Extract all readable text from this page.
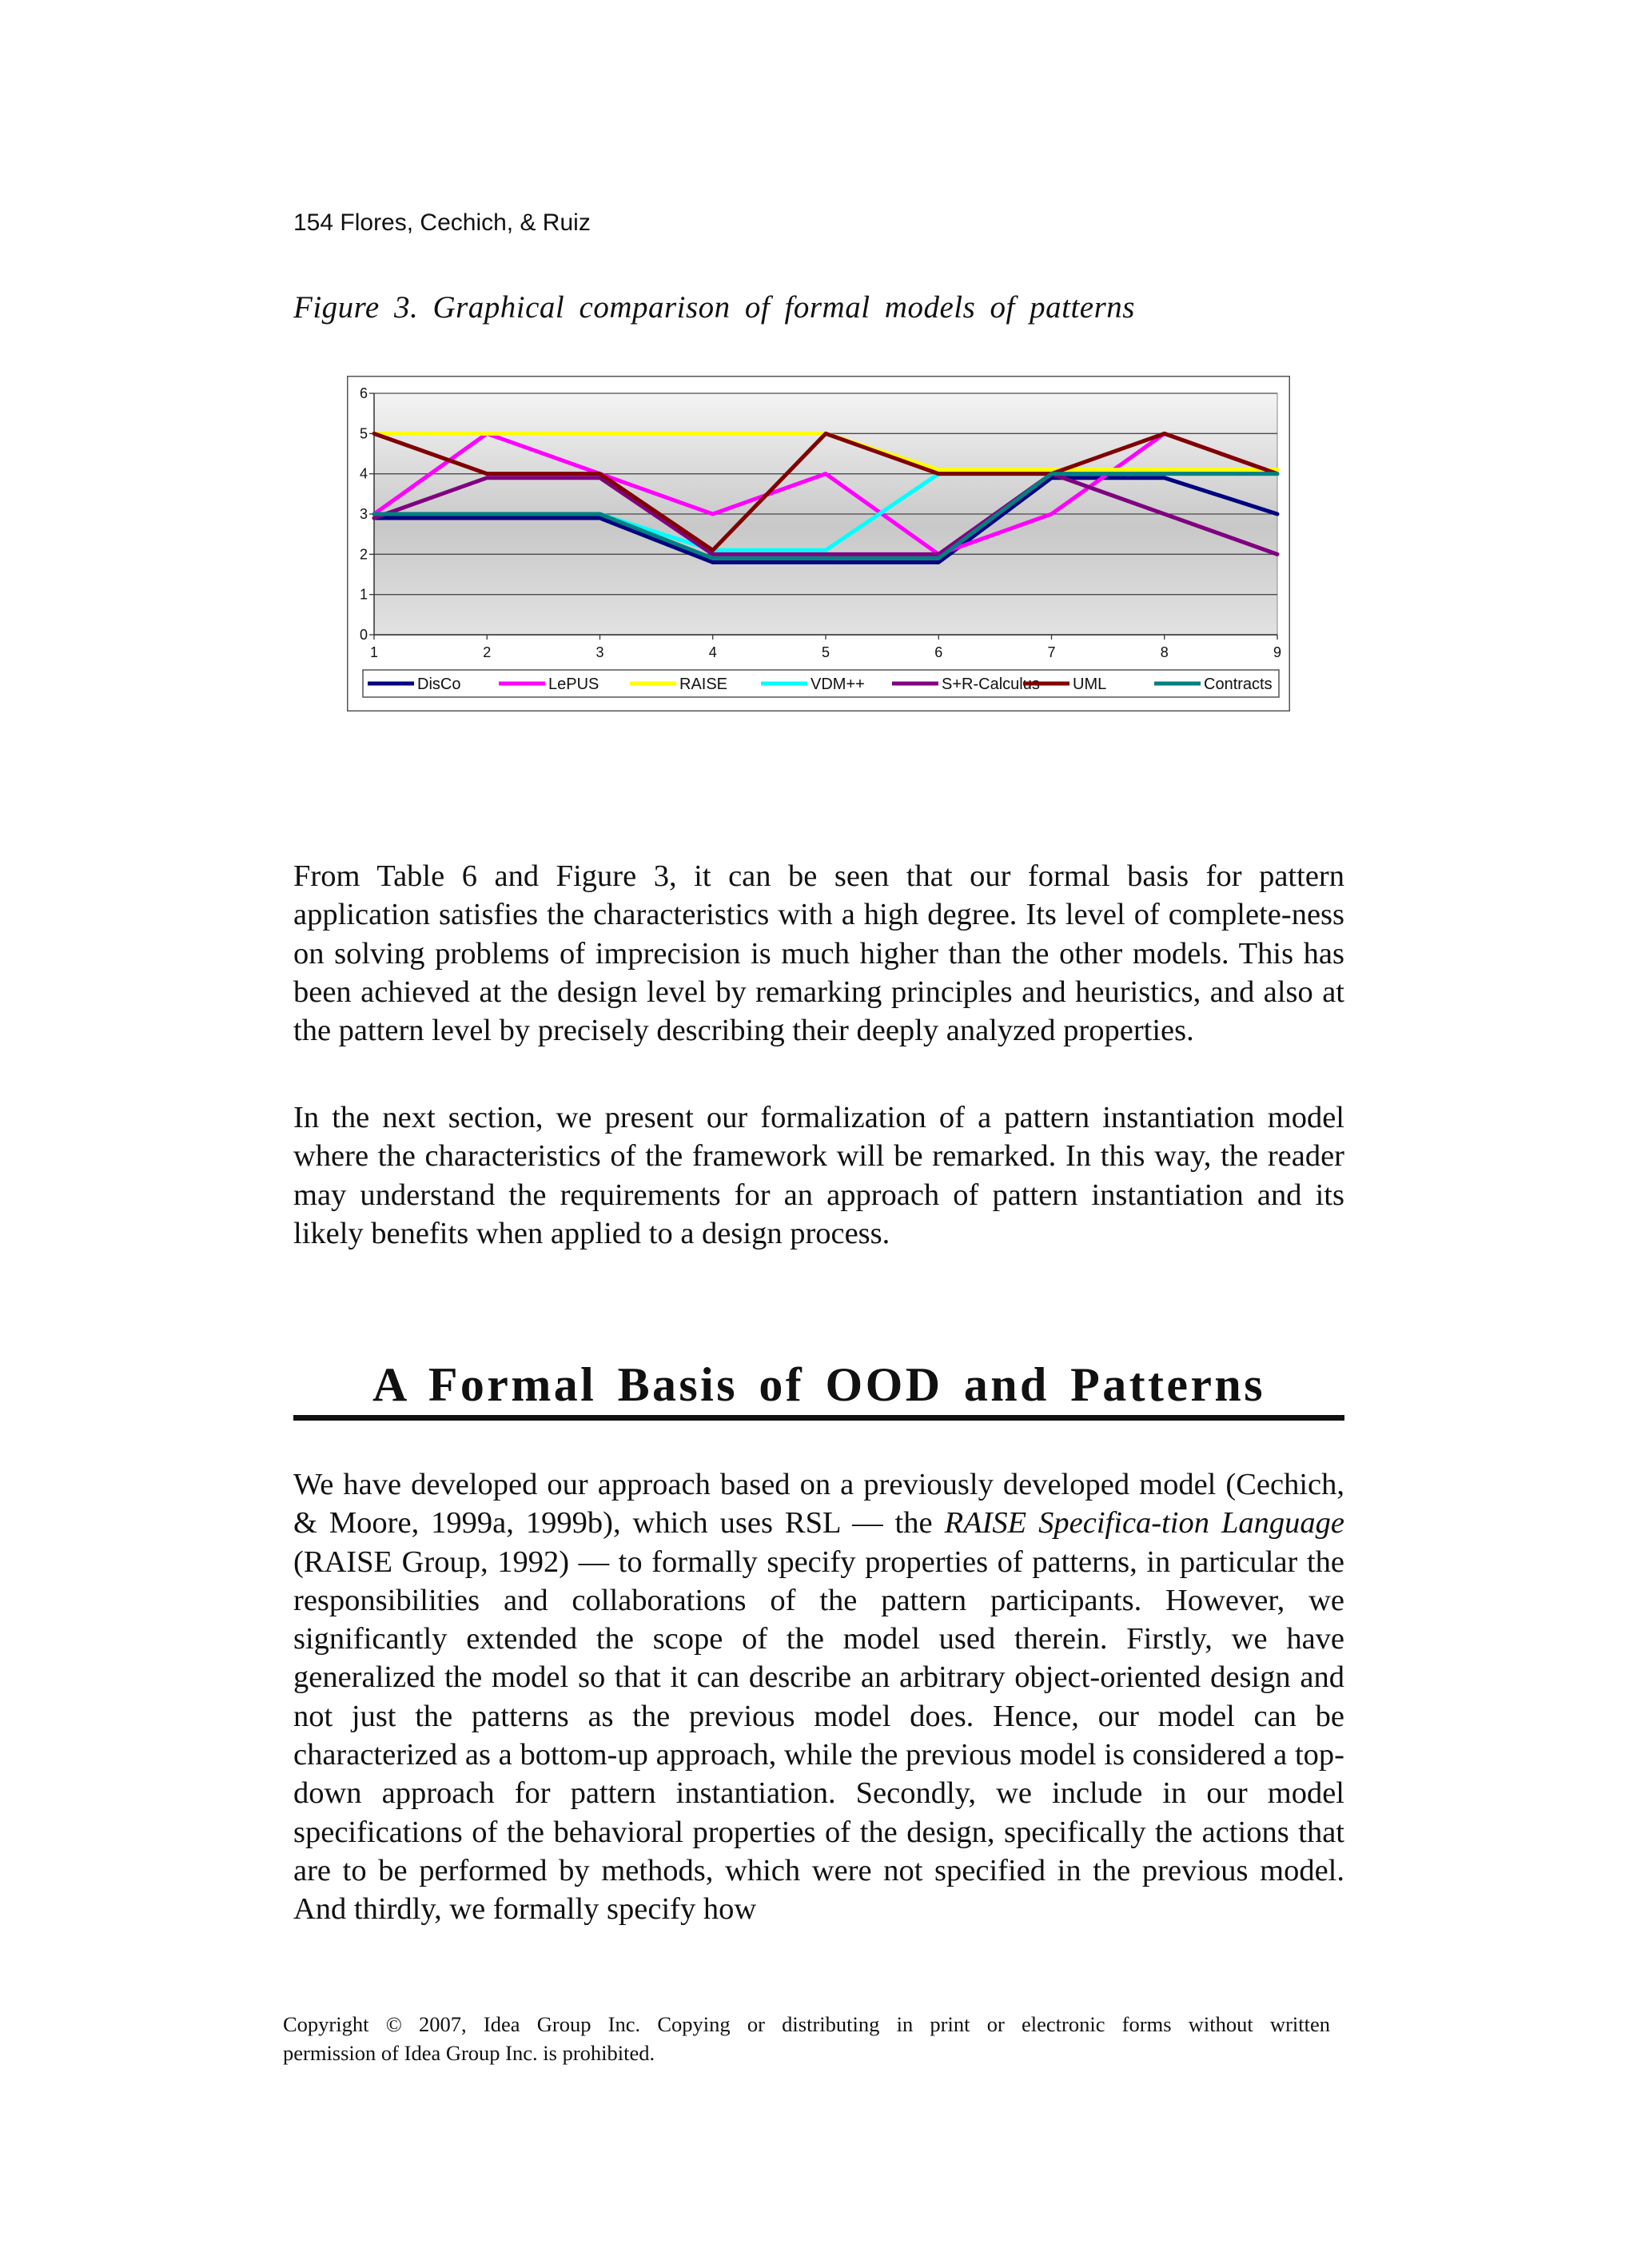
154 Flores, Cechich, & Ruiz
Figure 3. Graphical comparison of formal models of patterns
0
1
2
3
4
5
6
1	2	3	4	5	6	7	8	9
DisCo	LePUS	RAISE	VDM++	S+R-Calculus UML	Contracts

From Table 6 and Figure 3, it can be seen that our formal basis for pattern application satisfies the characteristics with a high degree. Its level of complete-ness on solving problems of imprecision is much higher than the other models. This has been achieved at the design level by remarking principles and heuristics, and also at the pattern level by precisely describing their deeply analyzed properties.

In the next section, we present our formalization of a pattern instantiation model where the characteristics of the framework will be remarked. In this way, the reader may understand the requirements for an approach of pattern instantiation and its likely benefits when applied to a design process.

A Formal Basis of OOD and Patterns

We have developed our approach based on a previously developed model (Cechich, & Moore, 1999a, 1999b), which uses RSL — the RAISE Specifica-tion Language (RAISE Group, 1992) — to formally specify properties of patterns, in particular the responsibilities and collaborations of the pattern participants. However, we significantly extended the scope of the model used therein. Firstly, we have generalized the model so that it can describe an arbitrary object-oriented design and not just the patterns as the previous model does. Hence, our model can be characterized as a bottom-up approach, while the previous model is considered a top-down approach for pattern instantiation. Secondly, we include in our model specifications of the behavioral properties of the design, specifically the actions that are to be performed by methods, which were not specified in the previous model. And thirdly, we formally specify how

Copyright © 2007, Idea Group Inc. Copying or distributing in print or electronic forms without written
permission of Idea Group Inc. is prohibited.
